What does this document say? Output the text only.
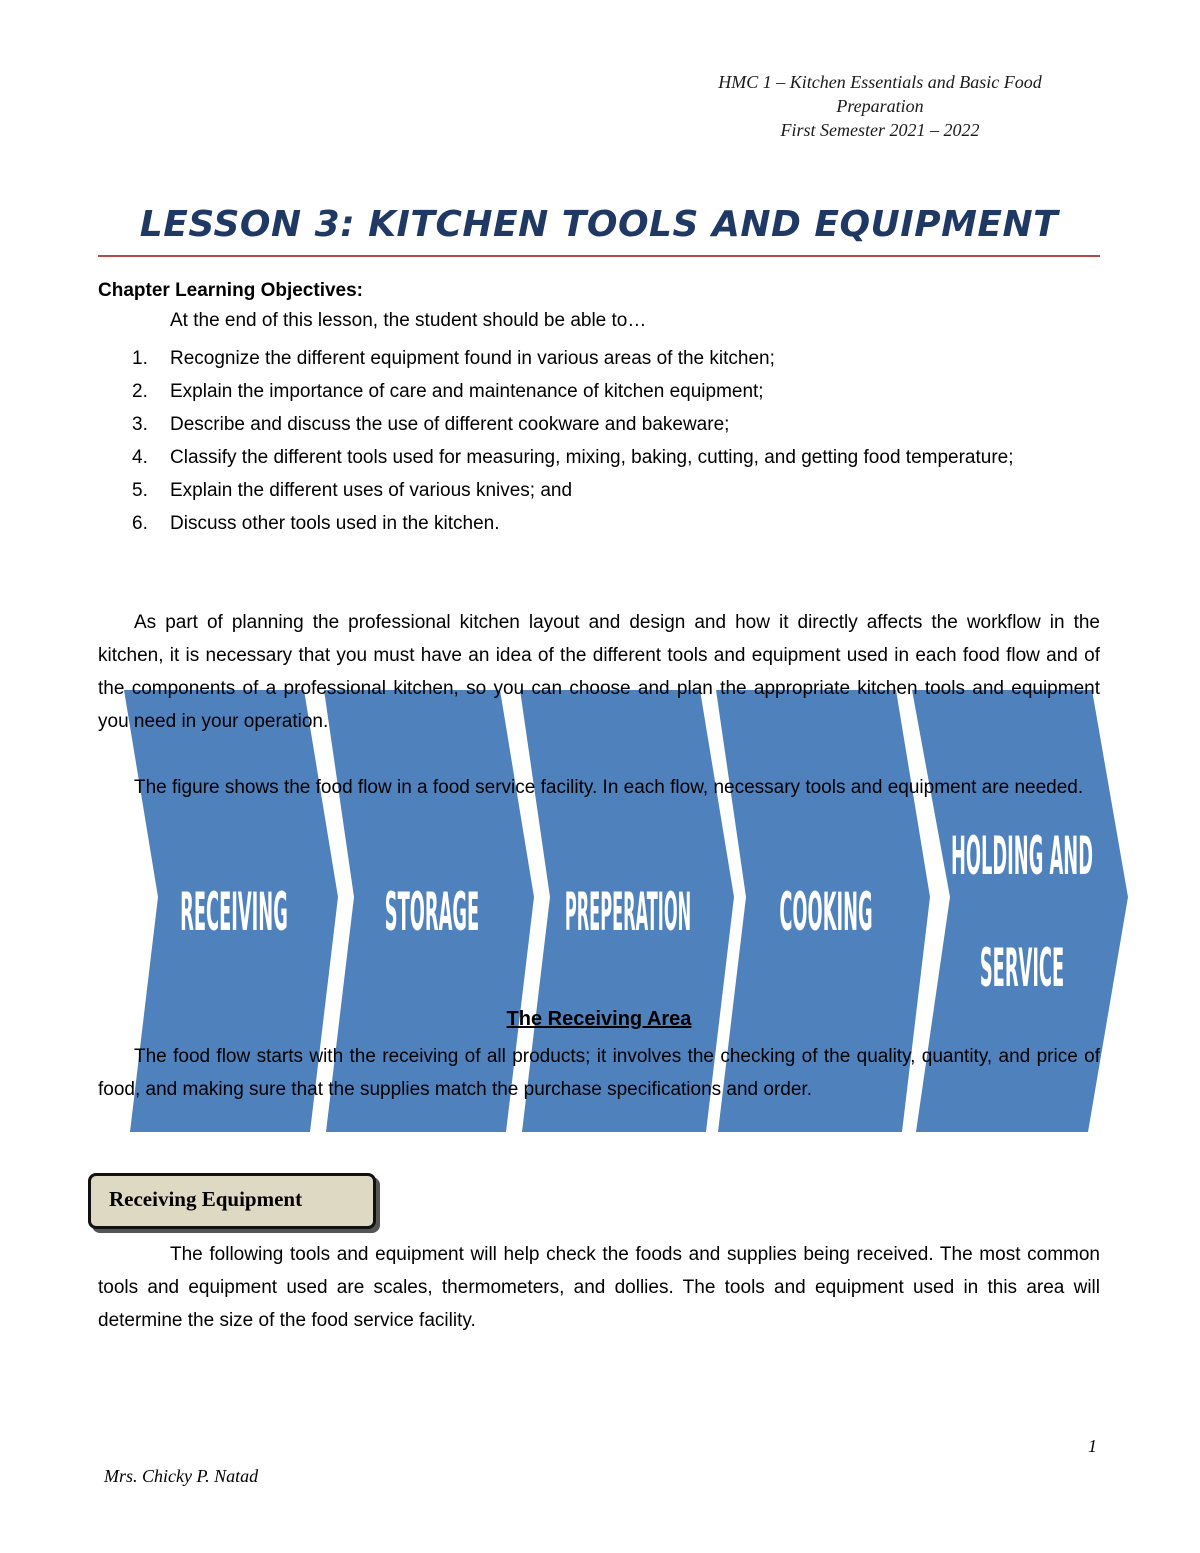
HMC 1 – Kitchen Essentials and Basic Food
Preparation
First Semester 2021 – 2022
LESSON 3: KITCHEN TOOLS AND EQUIPMENT
Chapter Learning Objectives:
At the end of this lesson, the student should be able to…
1. Recognize the different equipment found in various areas of the kitchen;
2. Explain the importance of care and maintenance of kitchen equipment;
3. Describe and discuss the use of different cookware and bakeware;
4. Classify the different tools used for measuring, mixing, baking, cutting, and getting food temperature;
5. Explain the different uses of various knives; and
6. Discuss other tools used in the kitchen.
RECEIVING	STORAGE PREPERATION COOKING
HOLDING AND
SERVICE

As part of planning the professional kitchen layout and design and how it directly affects the workflow in the kitchen, it is necessary that you must have an idea of the different tools and equipment used in each food flow and of the components of a professional kitchen, so you can choose and plan the appropriate kitchen tools and equipment you need in your operation.

The figure shows the food flow in a food service facility. In each flow, necessary tools and equipment are needed.

The Receiving Area

The food flow starts with the receiving of all products; it involves the checking of the quality, quantity, and price of food, and making sure that the supplies match the purchase specifications and order.

Receiving Equipment

The following tools and equipment will help check the foods and supplies being received. The most common tools and equipment used are scales, thermometers, and dollies. The tools and equipment used in this area will determine the size of the food service facility.

1
Mrs. Chicky P. Natad
